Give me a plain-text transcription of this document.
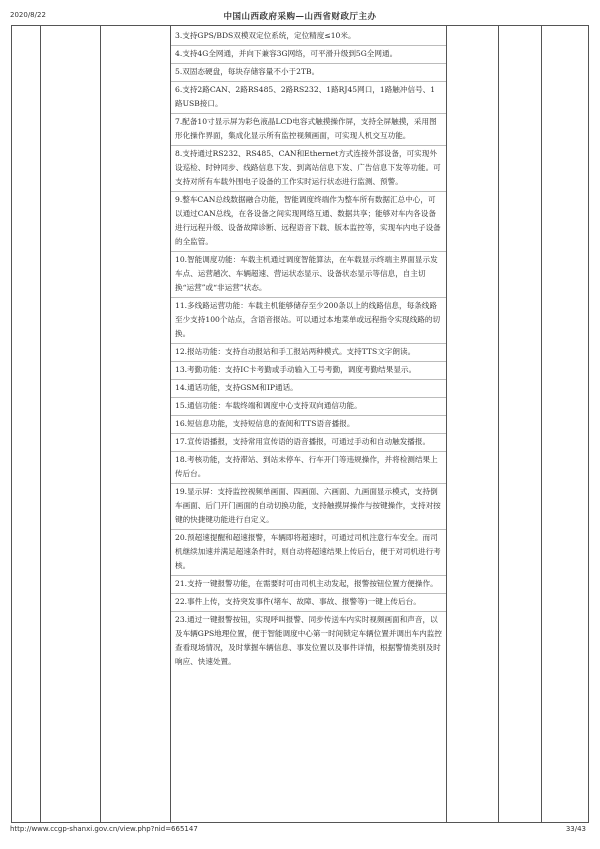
2020/8/22	中国山西政府采购—山西省财政厅主办
3.支持GPS/BDS双模双定位系统，定位精度≤10米。
4.支持4G全网通，并向下兼容3G网络，可平滑升级到5G全网通。
5.双固态硬盘，每块存储容量不小于2TB。
6.支持2路CAN、2路RS485、2路RS232、1路RJ45网口，1路触冲信号、1路USB接口。
7.配备10寸显示屏为彩色液晶LCD电容式触摸操作屏，支持全屏触摸，采用图形化操作界面，集成化显示所有监控视频画面，可实现人机交互功能。
8.支持通过RS232、RS485、CAN和Ethernet方式连接外部设备，可实现外设巡检、时钟同步、线路信息下发、到离站信息下发、广告信息下发等功能。可支持对所有车载外围电子设备的工作实时运行状态进行监测、预警。
9.整车CAN总线数据融合功能，智能调度终端作为整车所有数据汇总中心，可以通过CAN总线，在各设备之间实现网络互通、数据共享；能够对车内各设备进行远程升级、设备故障诊断、远程语音下载、版本监控等，实现车内电子设备的全监管。
10.智能调度功能：车载主机通过调度智能算法，在车载显示终端主界面显示发车点、运营趟次、车辆超速、营运状态显示、设备状态显示等信息，自主切换“运营”或“非运营”状态。
11.多线路运营功能：车载主机能够储存至少200条以上的线路信息，每条线路至少支持100个站点，含语音报站。可以通过本地菜单或远程指令实现线路的切换。
12.报站功能：支持自动报站和手工报站两种模式。支持TTS文字朗读。
13.考勤功能：支持IC卡考勤或手动输入工号考勤，调度考勤结果显示。
14.通话功能，支持GSM和IP通话。
15.通信功能：车载终端和调度中心支持双向通信功能。
16.短信息功能，支持短信息的查阅和TTS语音播报。
17.宣传语播报，支持常用宣传语的语音播报，可通过手动和自动触发播报。
18.考核功能，支持滞站、到站未停车、行车开门等违规操作，并将检测结果上传后台。
19.显示屏：支持监控视频单画面、四画面、六画面、九画面显示模式，支持倒车画面、后门开门画面的自动切换功能，支持触摸屏操作与按键操作，支持对按键的快捷键功能进行自定义。
20.预超速提醒和超速报警，车辆即将超速时，可通过司机注意行车安全。而司机继续加速并满足超速条件时，则自动将超速结果上传后台，便于对司机进行考核。
21.支持一键报警功能，在需要时可由司机主动发起，报警按钮位置方便操作。
22.事件上传，支持突发事件(堵车、故障、事故、报警等)一键上传后台。
23.通过一键报警按钮，实现呼叫报警、同步传送车内实时视频画面和声音，以及车辆GPS地理位置，便于智能调度中心第一时间锁定车辆位置并调出车内监控查看现场情况，及时掌握车辆信息、事发位置以及事件详情，根据警情类别及时响应、快速处置。
http://www.ccgp-shanxi.gov.cn/view.php?nid=665147	33/43
